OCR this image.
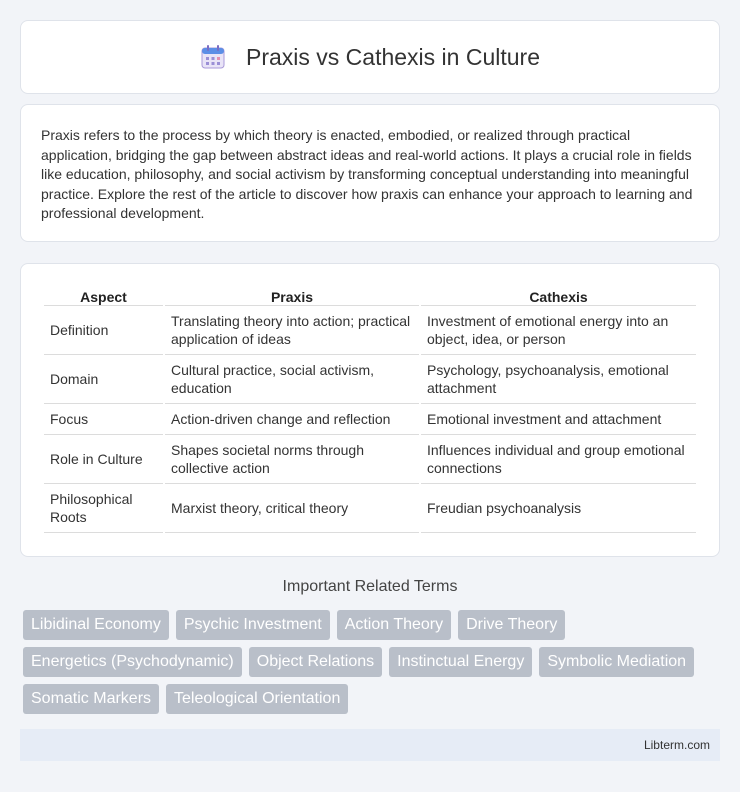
Praxis vs Cathexis in Culture

Praxis refers to the process by which theory is enacted, embodied, or realized through practical application, bridging the gap between abstract ideas and real-world actions. It plays a crucial role in fields like education, philosophy, and social activism by transforming conceptual understanding into meaningful practice. Explore the rest of the article to discover how praxis can enhance your approach to learning and professional development.

Aspect	Praxis	Cathexis
Definition	Translating theory into action; practical application of ideas	Investment of emotional energy into an object, idea, or person
Domain	Cultural practice, social activism, education	Psychology, psychoanalysis, emotional attachment
Focus	Action-driven change and reflection	Emotional investment and attachment
Role in Culture	Shapes societal norms through collective action	Influences individual and group emotional connections
Philosophical Roots	Marxist theory, critical theory	Freudian psychoanalysis
Important Related Terms
Libidinal Economy	Psychic Investment	Action Theory	Drive Theory
Energetics (Psychodynamic)	Object Relations	Instinctual Energy	Symbolic Mediation
Somatic Markers	Teleological Orientation
Libterm.com
